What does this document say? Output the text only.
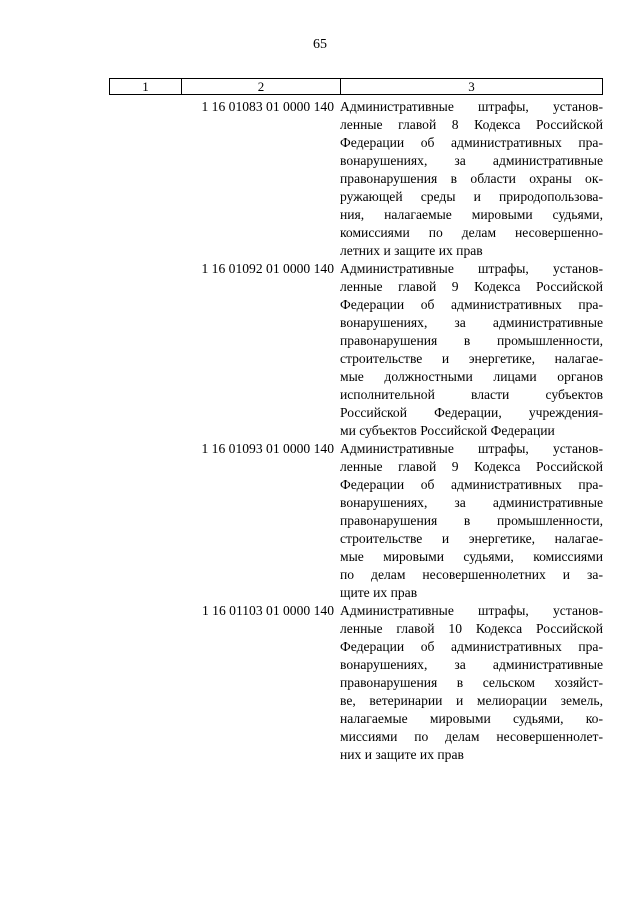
65
1	2	3
1 16 01083 01 0000 140 Административные штрафы, установ-
ленные главой 8 Кодекса Российской
Федерации об административных пра-
вонарушениях, за административные
правонарушения в области охраны ок-
ружающей среды и природопользова-
ния, налагаемые мировыми судьями,
комиссиями по делам несовершенно-
летних и защите их прав
1 16 01092 01 0000 140 Административные штрафы, установ-
ленные главой 9 Кодекса Российской
Федерации об административных пра-
вонарушениях, за административные
правонарушения в промышленности,
строительстве и энергетике, налагае-
мые должностными лицами органов
исполнительной власти субъектов
Российской Федерации, учреждения-
ми субъектов Российской Федерации
1 16 01093 01 0000 140 Административные штрафы, установ-
ленные главой 9 Кодекса Российской
Федерации об административных пра-
вонарушениях, за административные
правонарушения в промышленности,
строительстве и энергетике, налагае-
мые мировыми судьями, комиссиями
по делам несовершеннолетних и за-
щите их прав
1 16 01103 01 0000 140 Административные штрафы, установ-
ленные главой 10 Кодекса Российской
Федерации об административных пра-
вонарушениях, за административные
правонарушения в сельском хозяйст-
ве, ветеринарии и мелиорации земель,
налагаемые мировыми судьями, ко-
миссиями по делам несовершеннолет-
них и защите их прав
